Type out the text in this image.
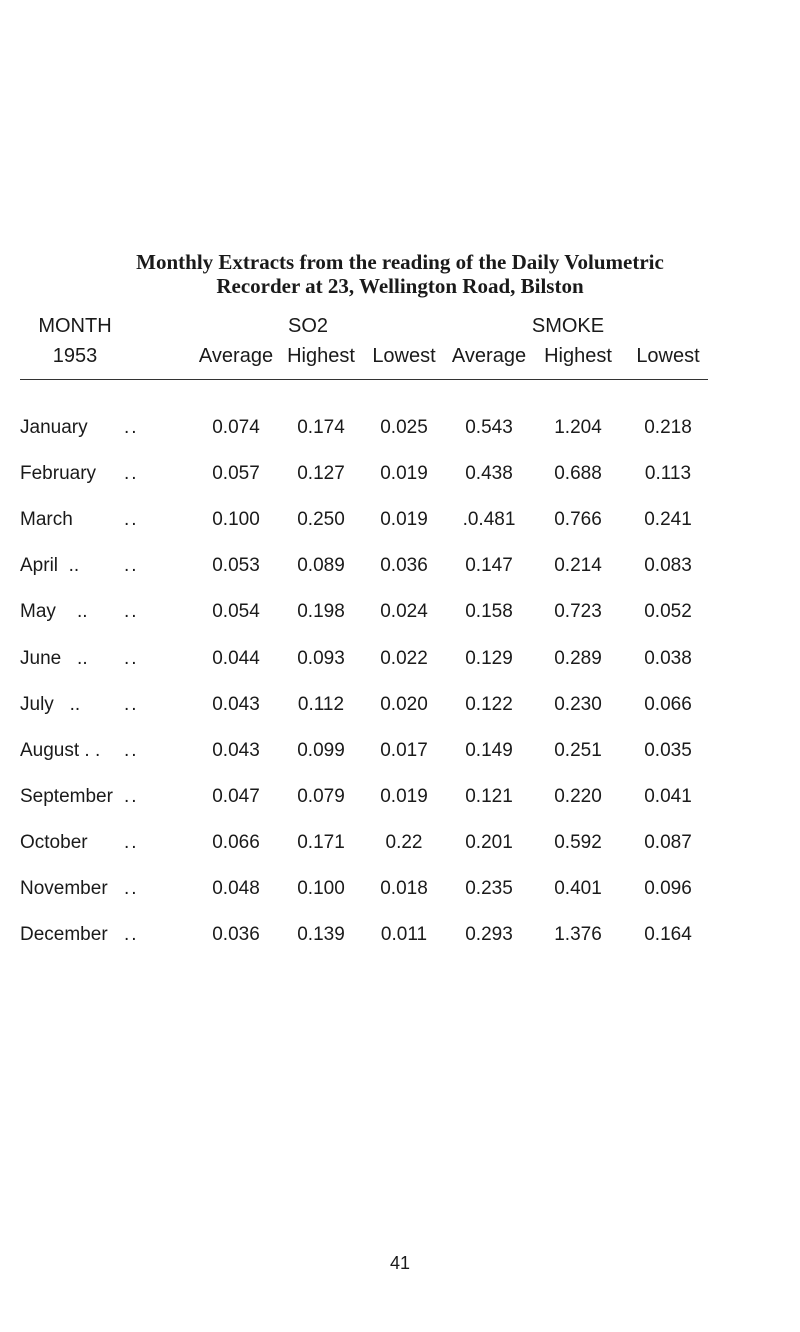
Monthly Extracts from the reading of the Daily Volumetric
Recorder at 23, Wellington Road, Bilston
MONTH	SO2	SMOKE
1953	Average Highest Lowest Average Highest Lowest
January ..	0.074 0.174 0.025 0.543 1.204 0.218
February ..	0.057 0.127 0.019 0.438 0.688 0.113
March	..	0.100 0.250 0.019 .0.481 0.766 0.241
April  .. ..	0.053 0.089 0.036 0.147 0.214 0.083
May    .. ..	0.054 0.198 0.024 0.158 0.723 0.052
June   .. ..	0.044 0.093 0.022 0.129 0.289 0.038
July   .. ..	0.043 0.112 0.020 0.122 0.230 0.066
August . . ..	0.043 0.099 0.017 0.149 0.251 0.035
September ..	0.047 0.079 0.019 0.121 0.220 0.041
October ..	0.066 0.171 0.22 0.201 0.592 0.087
November ..	0.048 0.100 0.018 0.235 0.401 0.096
December ..	0.036 0.139 0.011 0.293 1.376 0.164
41
